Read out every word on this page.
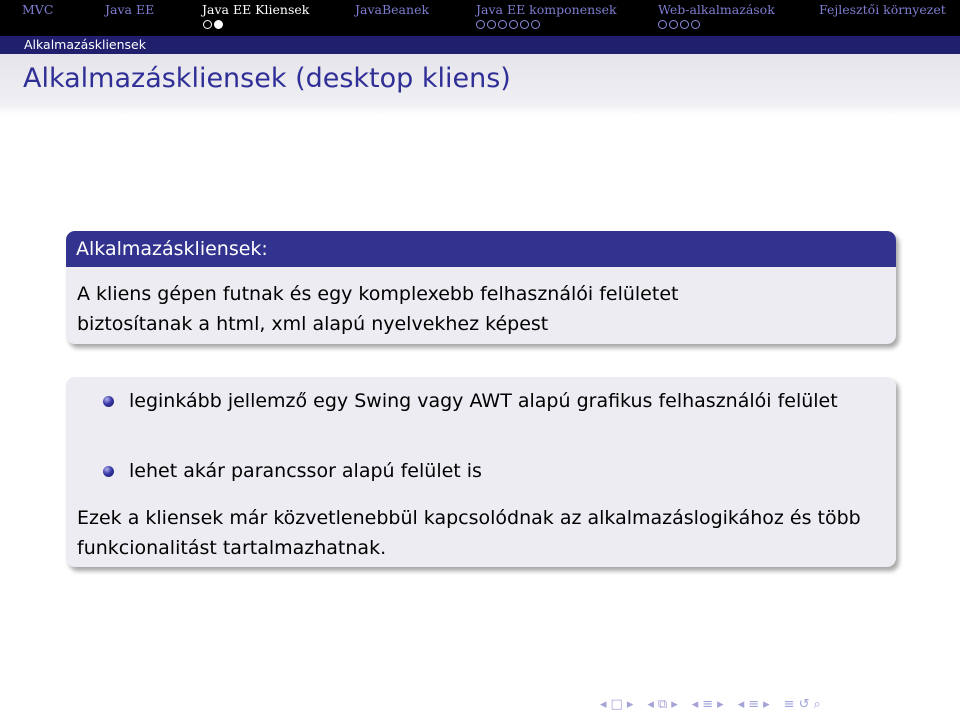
MVC	Java EE	Java EE Kliensek	JavaBeanek	Java EE komponensek	Web-alkalmazások	Fejlesztői környezet
Alkalmazáskliensek
Alkalmazáskliensek (desktop kliens)
Alkalmazáskliensek:
A kliens gépen futnak és egy komplexebb felhasználói felületet
biztosítanak a html, xml alapú nyelvekhez képest
leginkább jellemző egy Swing vagy AWT alapú grafikus felhasználói felület
lehet akár parancssor alapú felület is
Ezek a kliensek már közvetlenebbül kapcsolódnak az alkalmazáslogikához és több funkcionalitást tartalmazhatnak.
◂ □ ▸ ◂ ⧉ ▸ ◂ ≡ ▸ ◂ ≡ ▸ ≡ ↺ ⌕
